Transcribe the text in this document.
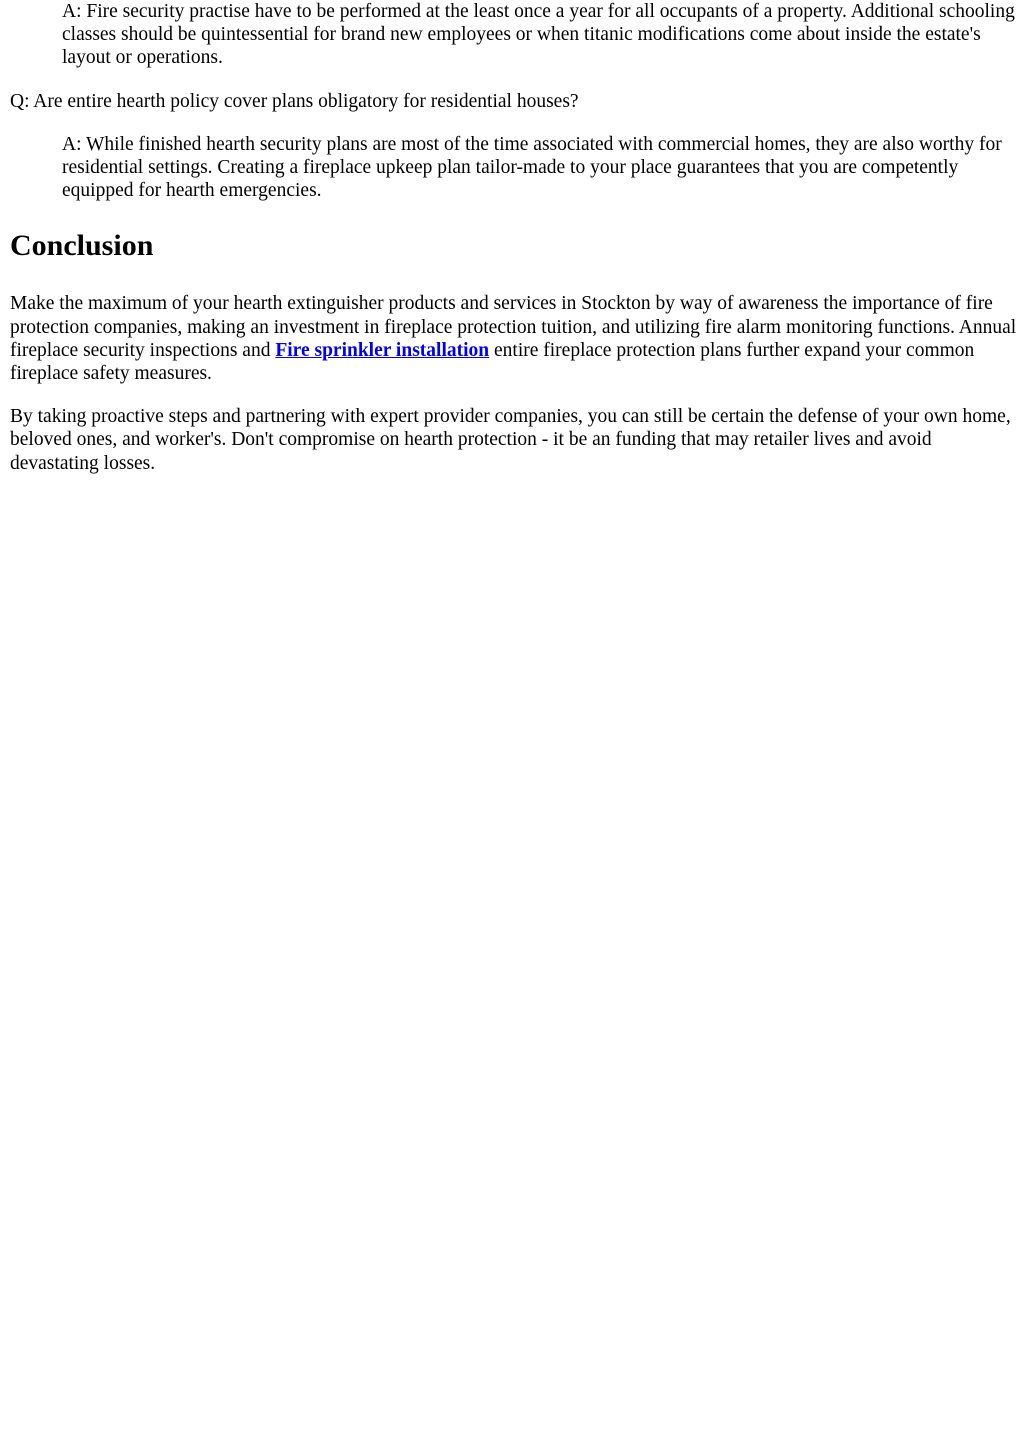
A: Fire security practise have to be performed at the least once a year for all occupants of a property. Additional schooling classes should be quintessential for brand new employees or when titanic modifications come about inside the estate's layout or operations.
Q: Are entire hearth policy cover plans obligatory for residential houses?
A: While finished hearth security plans are most of the time associated with commercial homes, they are also worthy for residential settings. Creating a fireplace upkeep plan tailor-made to your place guarantees that you are competently equipped for hearth emergencies.
Conclusion

Make the maximum of your hearth extinguisher products and services in Stockton by way of awareness the importance of fire protection companies, making an investment in fireplace protection tuition, and utilizing fire alarm monitoring functions. Annual fireplace security inspections and Fire sprinkler installation entire fireplace protection plans further expand your common fireplace safety measures.

By taking proactive steps and partnering with expert provider companies, you can still be certain the defense of your own home, beloved ones, and worker's. Don't compromise on hearth protection - it be an funding that may retailer lives and avoid devastating losses.
